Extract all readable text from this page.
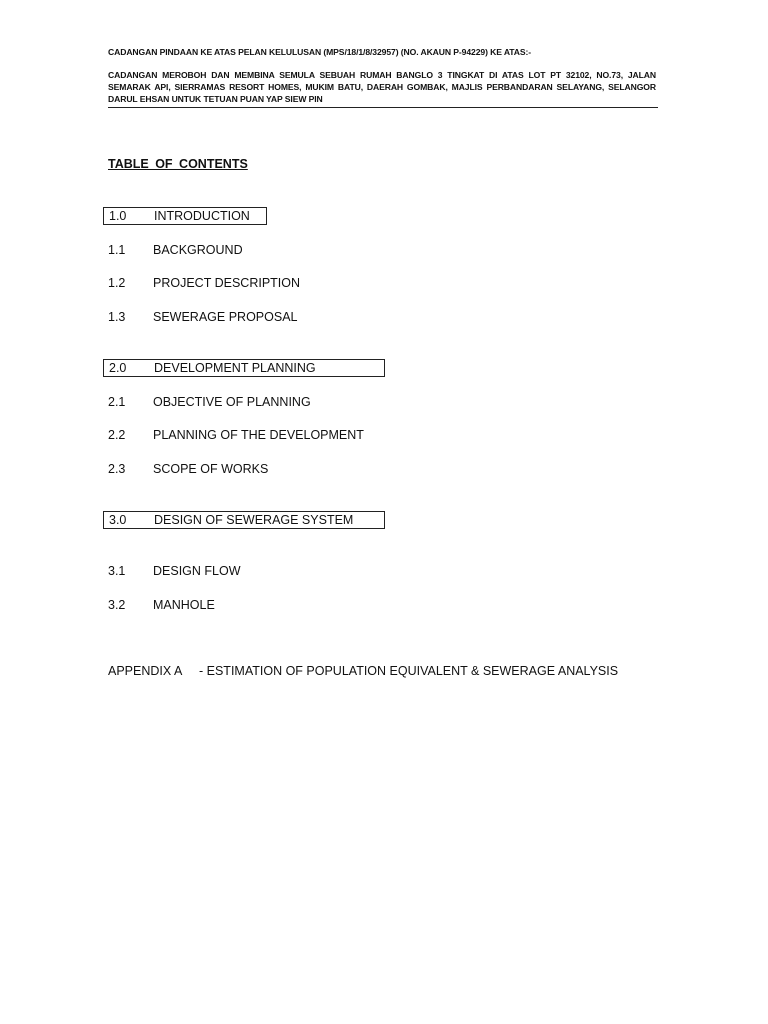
CADANGAN PINDAAN KE ATAS PELAN KELULUSAN (MPS/18/1/8/32957) (NO. AKAUN P-94229) KE ATAS:-
CADANGAN MEROBOH DAN MEMBINA SEMULA SEBUAH RUMAH BANGLO 3 TINGKAT DI ATAS LOT PT 32102, NO.73, JALAN SEMARAK API, SIERRAMAS RESORT HOMES, MUKIM BATU, DAERAH GOMBAK, MAJLIS PERBANDARAN SELAYANG, SELANGOR DARUL EHSAN UNTUK TETUAN PUAN YAP SIEW PIN
TABLE OF CONTENTS
1.0 INTRODUCTION
1.1 BACKGROUND
1.2 PROJECT DESCRIPTION
1.3 SEWERAGE PROPOSAL
2.0 DEVELOPMENT PLANNING
2.1 OBJECTIVE OF PLANNING
2.2 PLANNING OF THE DEVELOPMENT
2.3 SCOPE OF WORKS
3.0 DESIGN OF SEWERAGE SYSTEM
3.1 DESIGN FLOW
3.2 MANHOLE
APPENDIX A - ESTIMATION OF POPULATION EQUIVALENT & SEWERAGE ANALYSIS
